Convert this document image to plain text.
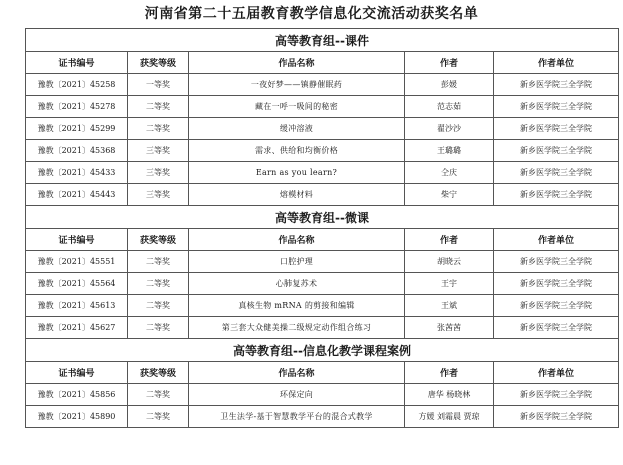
河南省第二十五届教育教学信息化交流活动获奖名单
高等教育组--课件				
证书编号	获奖等级	作品名称	作者	作者单位
豫教〔2021〕45258	一等奖	一夜好梦——镇静催眠药	彭媛	新乡医学院三全学院
豫教〔2021〕45278	二等奖	藏在一呼一吸间的秘密	范志茹	新乡医学院三全学院
豫教〔2021〕45299	二等奖	缓冲溶液	翟沙沙	新乡医学院三全学院
豫教〔2021〕45368	三等奖	需求、供给和均衡价格	王璐璐	新乡医学院三全学院
豫教〔2021〕45433	三等奖	Earn as you learn?	仝庆	新乡医学院三全学院
豫教〔2021〕45443	三等奖	熔模材料	柴宁	新乡医学院三全学院
高等教育组--微课				
证书编号	获奖等级	作品名称	作者	作者单位
豫教〔2021〕45551	二等奖	口腔护理	胡晓云	新乡医学院三全学院
豫教〔2021〕45564	二等奖	心肺复苏术	王宇	新乡医学院三全学院
豫教〔2021〕45613	二等奖	真核生物 mRNA 的剪接和编辑	王斌	新乡医学院三全学院
豫教〔2021〕45627	二等奖	第三套大众健美操二级规定动作组合练习	张茜茜	新乡医学院三全学院
高等教育组--信息化教学课程案例				
证书编号	获奖等级	作品名称	作者	作者单位
豫教〔2021〕45856	二等奖	环保定向	唐华 杨晓林	新乡医学院三全学院
豫教〔2021〕45890	二等奖	卫生法学-基于智慧教学平台的混合式教学	方媛 刘霜晨 贾琼	新乡医学院三全学院
